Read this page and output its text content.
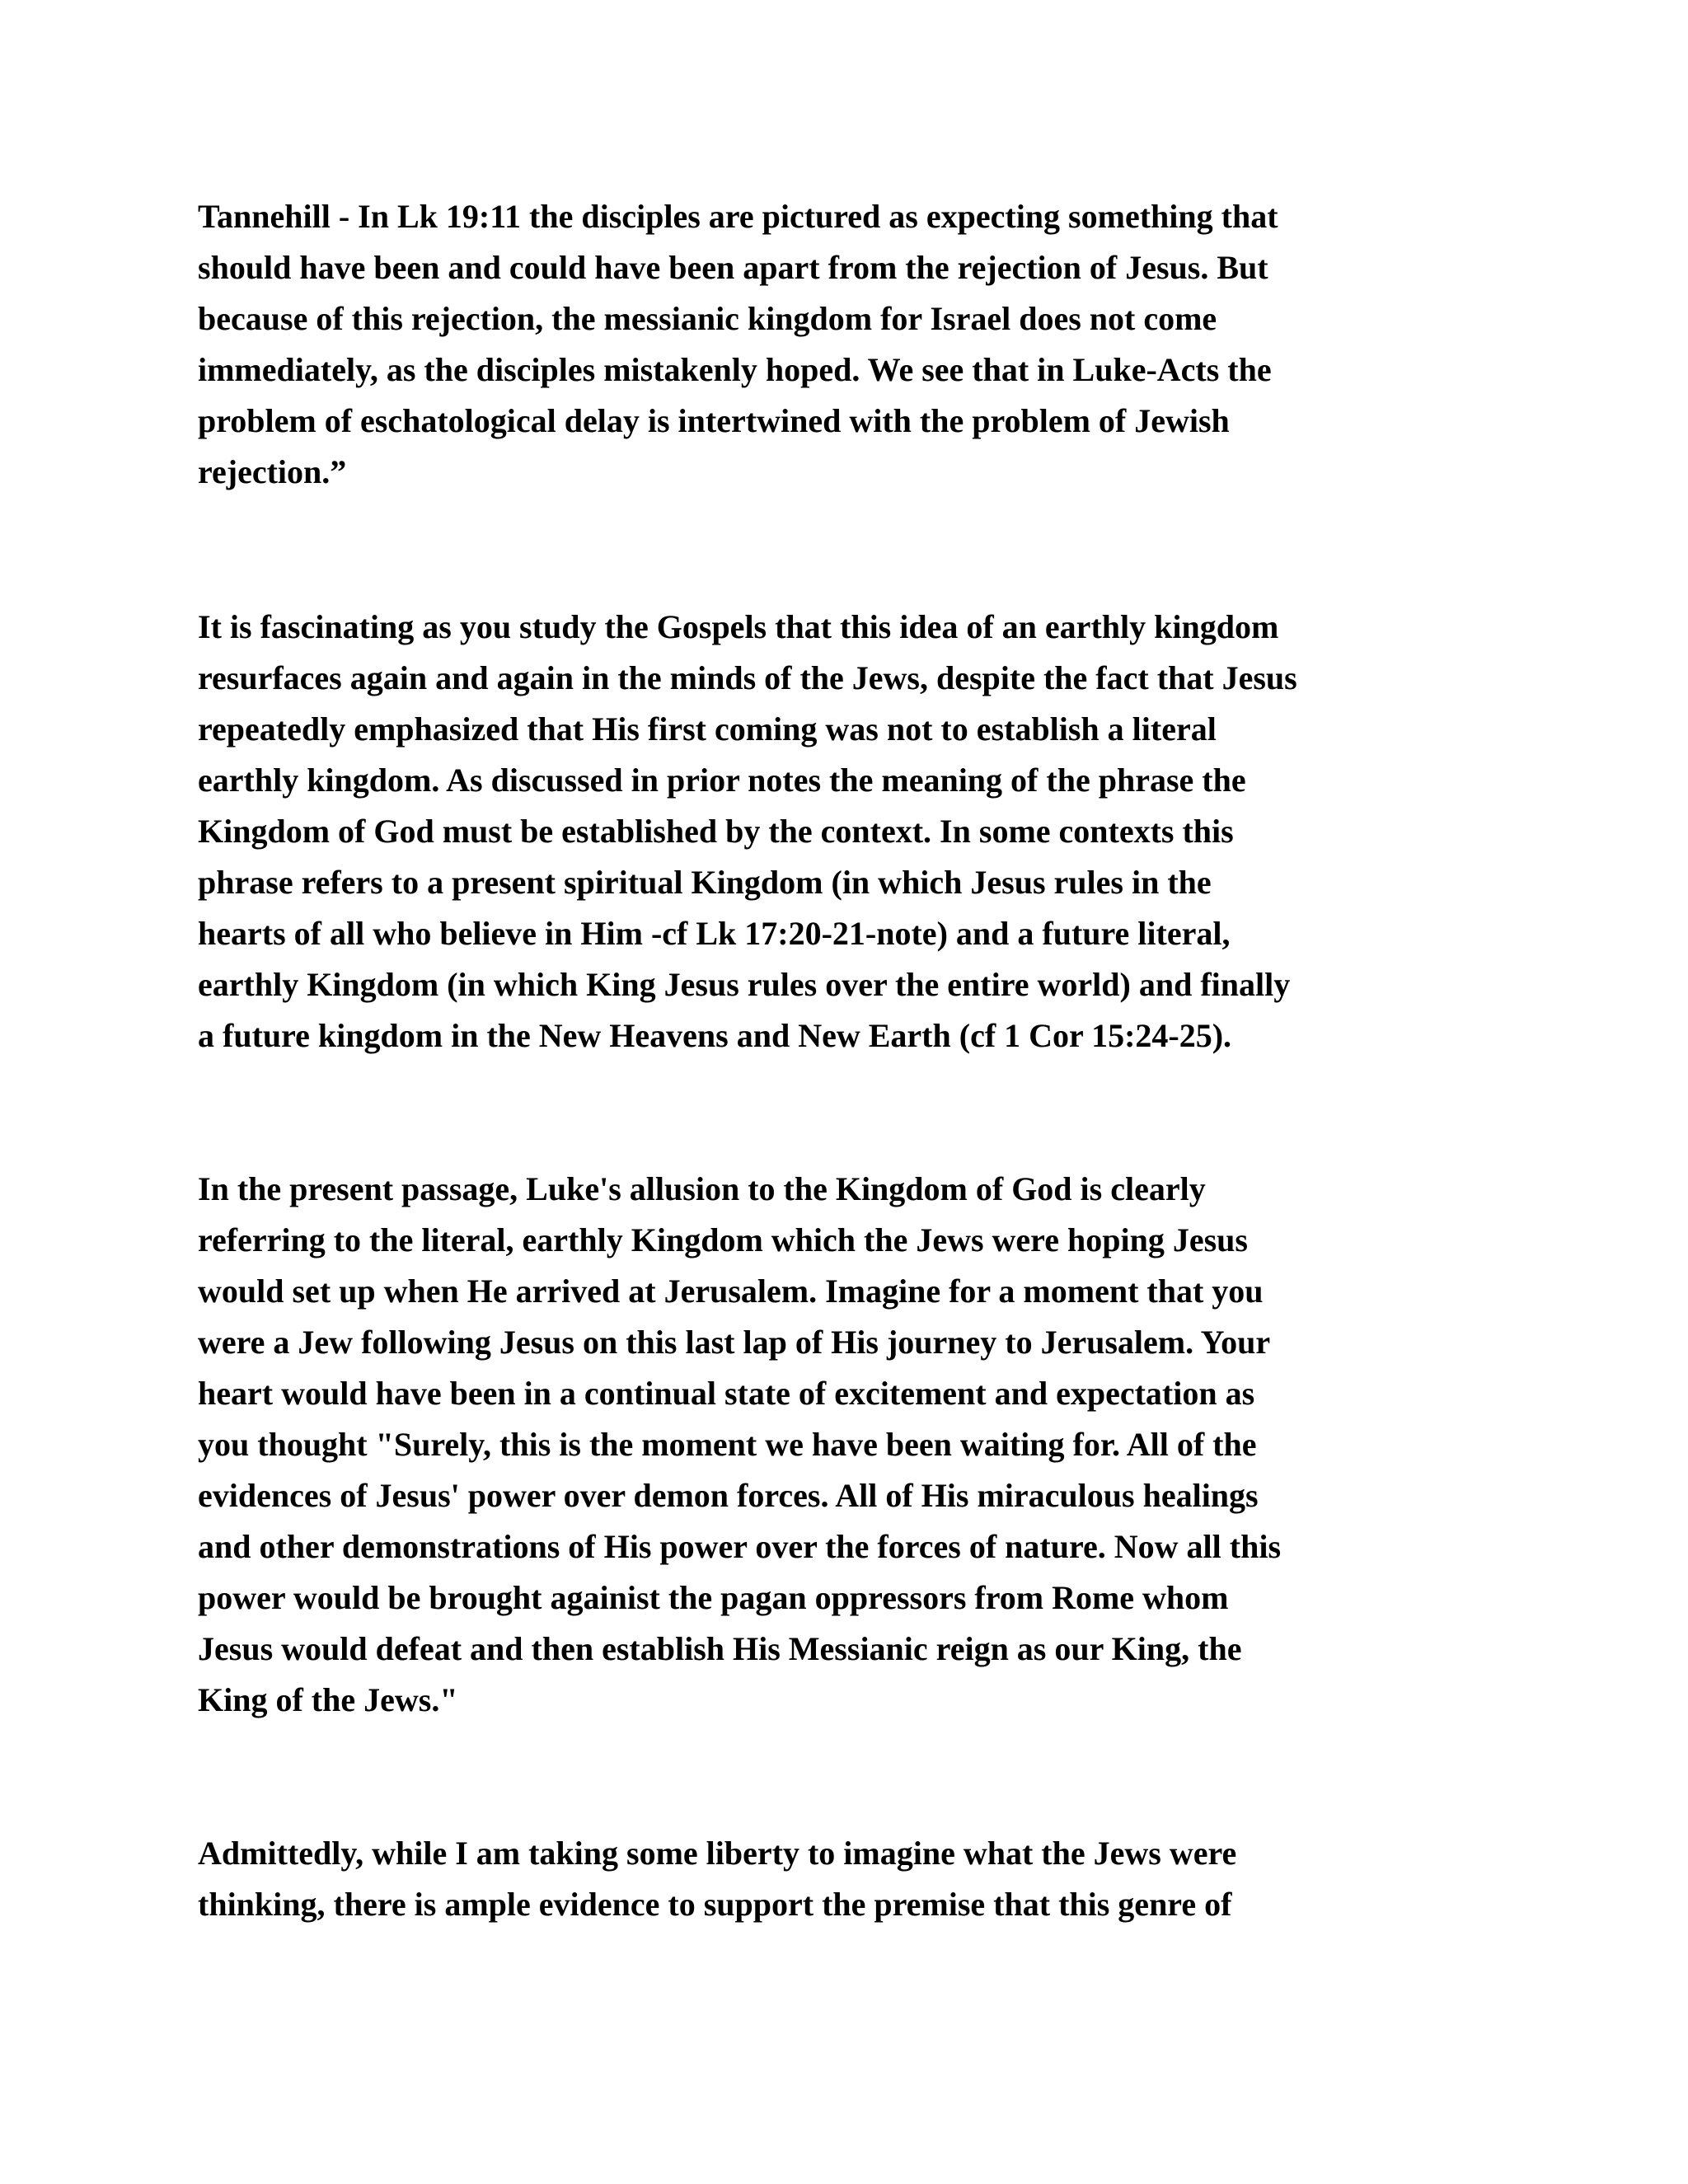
Tannehill - In Lk 19:11 the disciples are pictured as expecting something that
should have been and could have been apart from the rejection of Jesus. But
because of this rejection, the messianic kingdom for Israel does not come
immediately, as the disciples mistakenly hoped. We see that in Luke-Acts the
problem of eschatological delay is intertwined with the problem of Jewish
rejection.”
It is fascinating as you study the Gospels that this idea of an earthly kingdom
resurfaces again and again in the minds of the Jews, despite the fact that Jesus
repeatedly emphasized that His first coming was not to establish a literal
earthly kingdom. As discussed in prior notes the meaning of the phrase the
Kingdom of God must be established by the context. In some contexts this
phrase refers to a present spiritual Kingdom (in which Jesus rules in the
hearts of all who believe in Him -cf Lk 17:20-21-note) and a future literal,
earthly Kingdom (in which King Jesus rules over the entire world) and finally
a future kingdom in the New Heavens and New Earth (cf 1 Cor 15:24-25).
In the present passage, Luke's allusion to the Kingdom of God is clearly
referring to the literal, earthly Kingdom which the Jews were hoping Jesus
would set up when He arrived at Jerusalem. Imagine for a moment that you
were a Jew following Jesus on this last lap of His journey to Jerusalem. Your
heart would have been in a continual state of excitement and expectation as
you thought "Surely, this is the moment we have been waiting for. All of the
evidences of Jesus' power over demon forces. All of His miraculous healings
and other demonstrations of His power over the forces of nature. Now all this
power would be brought againist the pagan oppressors from Rome whom
Jesus would defeat and then establish His Messianic reign as our King, the
King of the Jews."
Admittedly, while I am taking some liberty to imagine what the Jews were
thinking, there is ample evidence to support the premise that this genre of
